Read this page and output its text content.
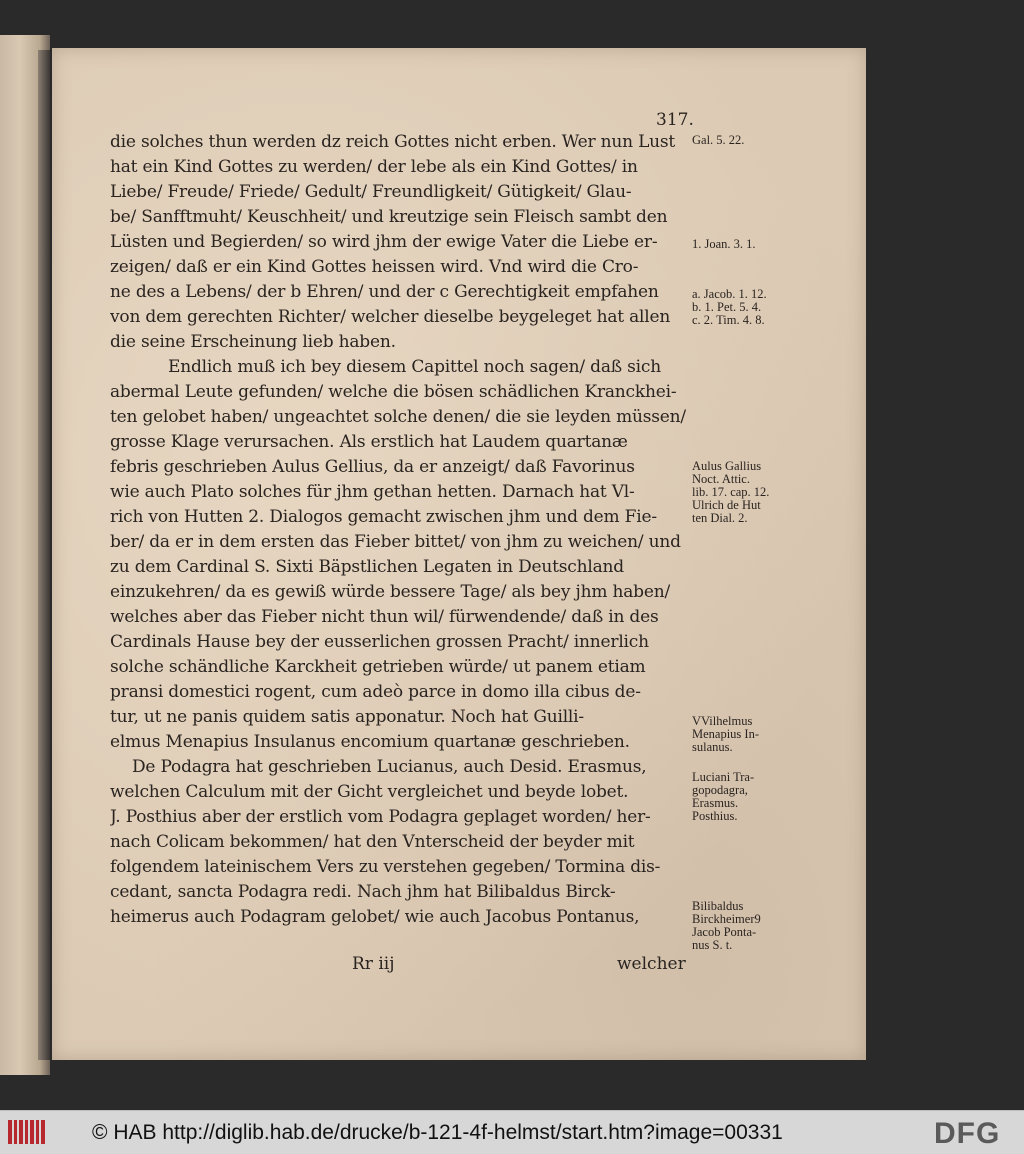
317.
die solches thun werden dz reich Gottes nicht erben. Wer nun Lust
hat ein Kind Gottes zu werden/ der lebe als ein Kind Gottes/ in
Liebe/ Freude/ Friede/ Gedult/ Freundligkeit/ Gütigkeit/ Glau-
be/ Sanfftmuht/ Keuschheit/ und kreutzige sein Fleisch sambt den
Lüsten und Begierden/ so wird jhm der ewige Vater die Liebe er-
zeigen/ daß er ein Kind Gottes heissen wird. Vnd wird die Cro-
ne des a Lebens/ der b Ehren/ und der c Gerechtigkeit empfahen
von dem gerechten Richter/ welcher dieselbe beygeleget hat allen
die seine Erscheinung lieb haben.
Endlich muß ich bey diesem Capittel noch sagen/ daß sich
abermal Leute gefunden/ welche die bösen schädlichen Kranckhei-
ten gelobet haben/ ungeachtet solche denen/ die sie leyden müssen/
grosse Klage verursachen. Als erstlich hat Laudem quartanæ
febris geschrieben Aulus Gellius, da er anzeigt/ daß Favorinus
wie auch Plato solches für jhm gethan hetten. Darnach hat Vl-
rich von Hutten 2. Dialogos gemacht zwischen jhm und dem Fie-
ber/ da er in dem ersten das Fieber bittet/ von jhm zu weichen/ und
zu dem Cardinal S. Sixti Bäpstlichen Legaten in Deutschland
einzukehren/ da es gewiß würde bessere Tage/ als bey jhm haben/
welches aber das Fieber nicht thun wil/ fürwendende/ daß in des
Cardinals Hause bey der eusserlichen grossen Pracht/ innerlich
solche schändliche Karckheit getrieben würde/ ut panem etiam
pransi domestici rogent, cum adeò parce in domo illa cibus de-
tur, ut ne panis quidem satis apponatur. Noch hat Guilli-
elmus Menapius Insulanus encomium quartanæ geschrieben.
De Podagra hat geschrieben Lucianus, auch Desid. Erasmus,
welchen Calculum mit der Gicht vergleichet und beyde lobet.
J. Posthius aber der erstlich vom Podagra geplaget worden/ her-
nach Colicam bekommen/ hat den Vnterscheid der beyder mit
folgendem lateinischem Vers zu verstehen gegeben/ Tormina dis-
cedant, sancta Podagra redi. Nach jhm hat Bilibaldus Birck-
heimerus auch Podagram gelobet/ wie auch Jacobus Pontanus,
Gal. 5. 22.
1. Joan. 3. 1.
a. Jacob. 1. 12.
b. 1. Pet. 5. 4.
c. 2. Tim. 4. 8.
Aulus Gallius
Noct. Attic.
lib. 17. cap. 12.
Ulrich de Hut
ten Dial. 2.
VVilhelmus
Menapius In-
sulanus.
Luciani Tra-
gopodagra,
Erasmus.
Posthius.
Bilibaldus
Birckheimer9
Jacob Ponta-
nus S. t.
Rr iij	welcher
© HAB http://diglib.hab.de/drucke/b-121-4f-helmst/start.htm?image=00331	DFG
